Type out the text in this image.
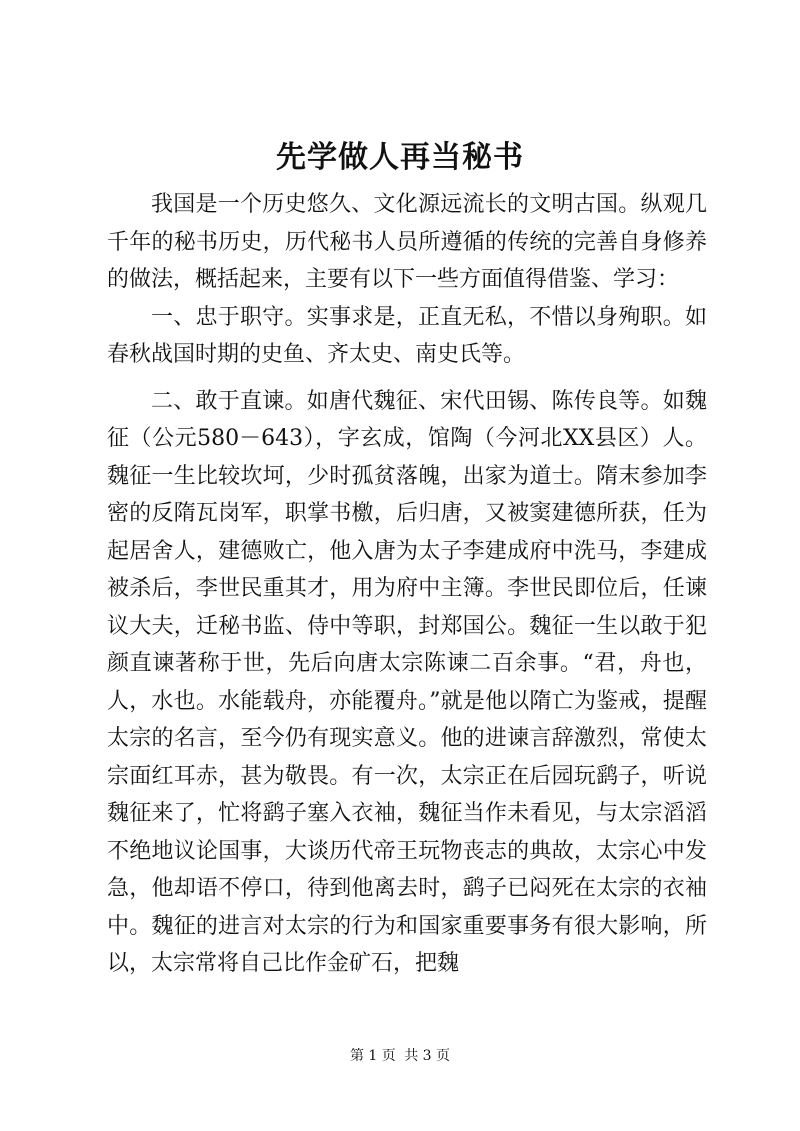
先学做人再当秘书

我国是一个历史悠久、文化源远流长的文明古国。纵观几千年的秘书历史，历代秘书人员所遵循的传统的完善自身修养的做法，概括起来，主要有以下一些方面值得借鉴、学习：

一、忠于职守。实事求是，正直无私，不惜以身殉职。如春秋战国时期的史鱼、齐太史、南史氏等。

二、敢于直谏。如唐代魏征、宋代田锡、陈传良等。如魏征（公元580－643），字玄成，馆陶（今河北XX县区）人。魏征一生比较坎坷，少时孤贫落魄，出家为道士。隋末参加李密的反隋瓦岗军，职掌书檄，后归唐，又被窦建德所获，任为起居舍人，建德败亡，他入唐为太子李建成府中洗马，李建成被杀后，李世民重其才，用为府中主簿。李世民即位后，任谏议大夫，迁秘书监、侍中等职，封郑国公。魏征一生以敢于犯颜直谏著称于世，先后向唐太宗陈谏二百余事。“君，舟也，人，水也。水能载舟，亦能覆舟。”就是他以隋亡为鉴戒，提醒太宗的名言，至今仍有现实意义。他的进谏言辞激烈，常使太宗面红耳赤，甚为敬畏。有一次，太宗正在后园玩鹞子，听说魏征来了，忙将鹞子塞入衣袖，魏征当作未看见，与太宗滔滔不绝地议论国事，大谈历代帝王玩物丧志的典故，太宗心中发急，他却语不停口，待到他离去时，鹞子已闷死在太宗的衣袖中。魏征的进言对太宗的行为和国家重要事务有很大影响，所以，太宗常将自己比作金矿石，把魏

第 1 页 共 3 页
